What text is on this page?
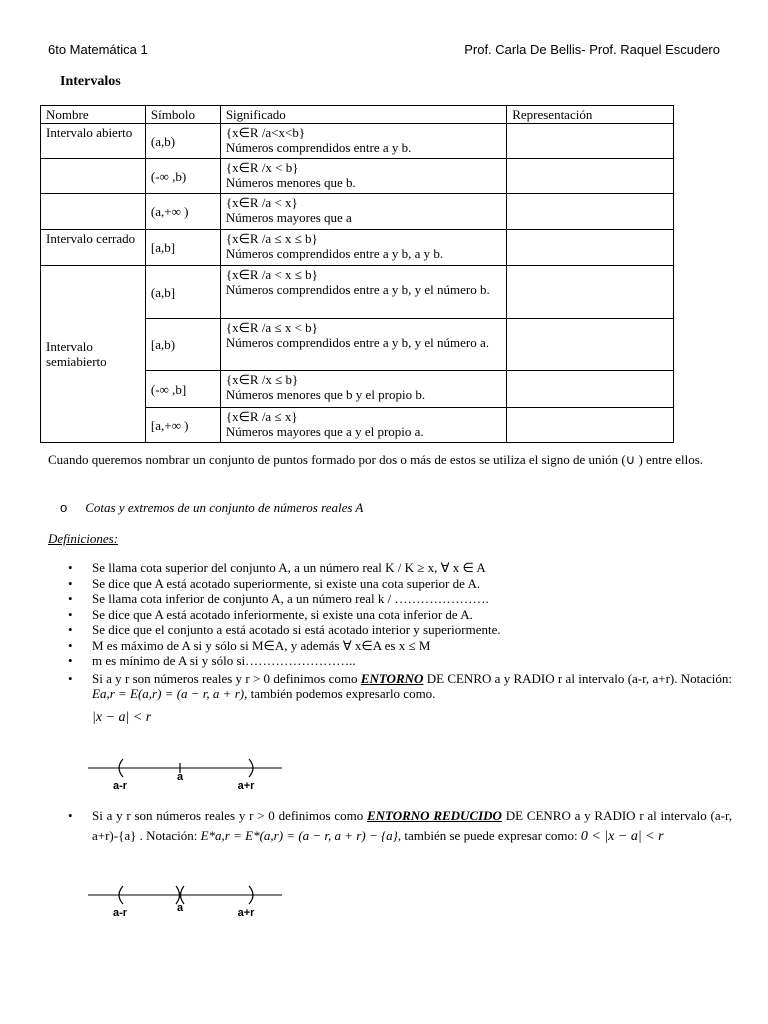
6to Matemática 1	Prof. Carla De Bellis- Prof. Raquel Escudero
Intervalos
Nombre	Símbolo	Significado	Representación
Intervalo abierto	(a,b)	{x∈R /a<x<b}
Números comprendidos entre a y b.	

	(-∞ ,b)	{x∈R /x < b}
Números menores que b.	

	(a,+∞ )	{x∈R /a < x}
Números mayores que a	

Intervalo cerrado	[a,b]	{x∈R /a ≤ x ≤ b}
Números comprendidos entre a y b, a y b.	

Intervalo semiabierto	(a,b]	{x∈R /a < x ≤ b}
Números comprendidos entre a y b, y el número b.	

	[a,b)	{x∈R /a ≤ x < b}
Números comprendidos entre a y b, y el número a.	

	(-∞ ,b]	{x∈R /x ≤ b}
Números menores que b y el propio b.	

	[a,+∞ )	{x∈R /a ≤ x}
Números mayores que a y el propio a.	

Cuando queremos nombrar un conjunto de puntos formado por dos o más de estos se utiliza el signo de unión (∪ ) entre ellos.
o Cotas y extremos de un conjunto de números reales A
Definiciones:
• Se llama cota superior del conjunto A, a un número real K / K ≥ x, ∀ x ∈ A
• Se dice que A está acotado superiormente, si existe una cota superior de A.
• Se llama cota inferior de conjunto A, a un número real k / ………………….
• Se dice que A está acotado inferiormente, si existe una cota inferior de A.
• Se dice que el conjunto a está acotado si está acotado interior y superiormente.
• M es máximo de A si y sólo si M∈A, y además ∀ x∈A es x ≤ M
• m es mínimo de A si y sólo si……………………..
• Si a y r son números reales y r > 0 definimos como ENTORNO DE CENRO a y RADIO r al intervalo (a-r, a+r). Notación: Ea,r = E(a,r) = (a − r, a + r), también podemos expresarlo como.
|x − a| < r
a-r
a
a+r
• Si a y r son números reales y r > 0 definimos como ENTORNO REDUCIDO DE CENRO a y RADIO r al intervalo (a-r, a+r)-{a} . Notación: E*a,r = E*(a,r) = (a − r, a + r) − {a}, también se puede expresar como: 0 < |x − a| < r
a-r	a	a+r
